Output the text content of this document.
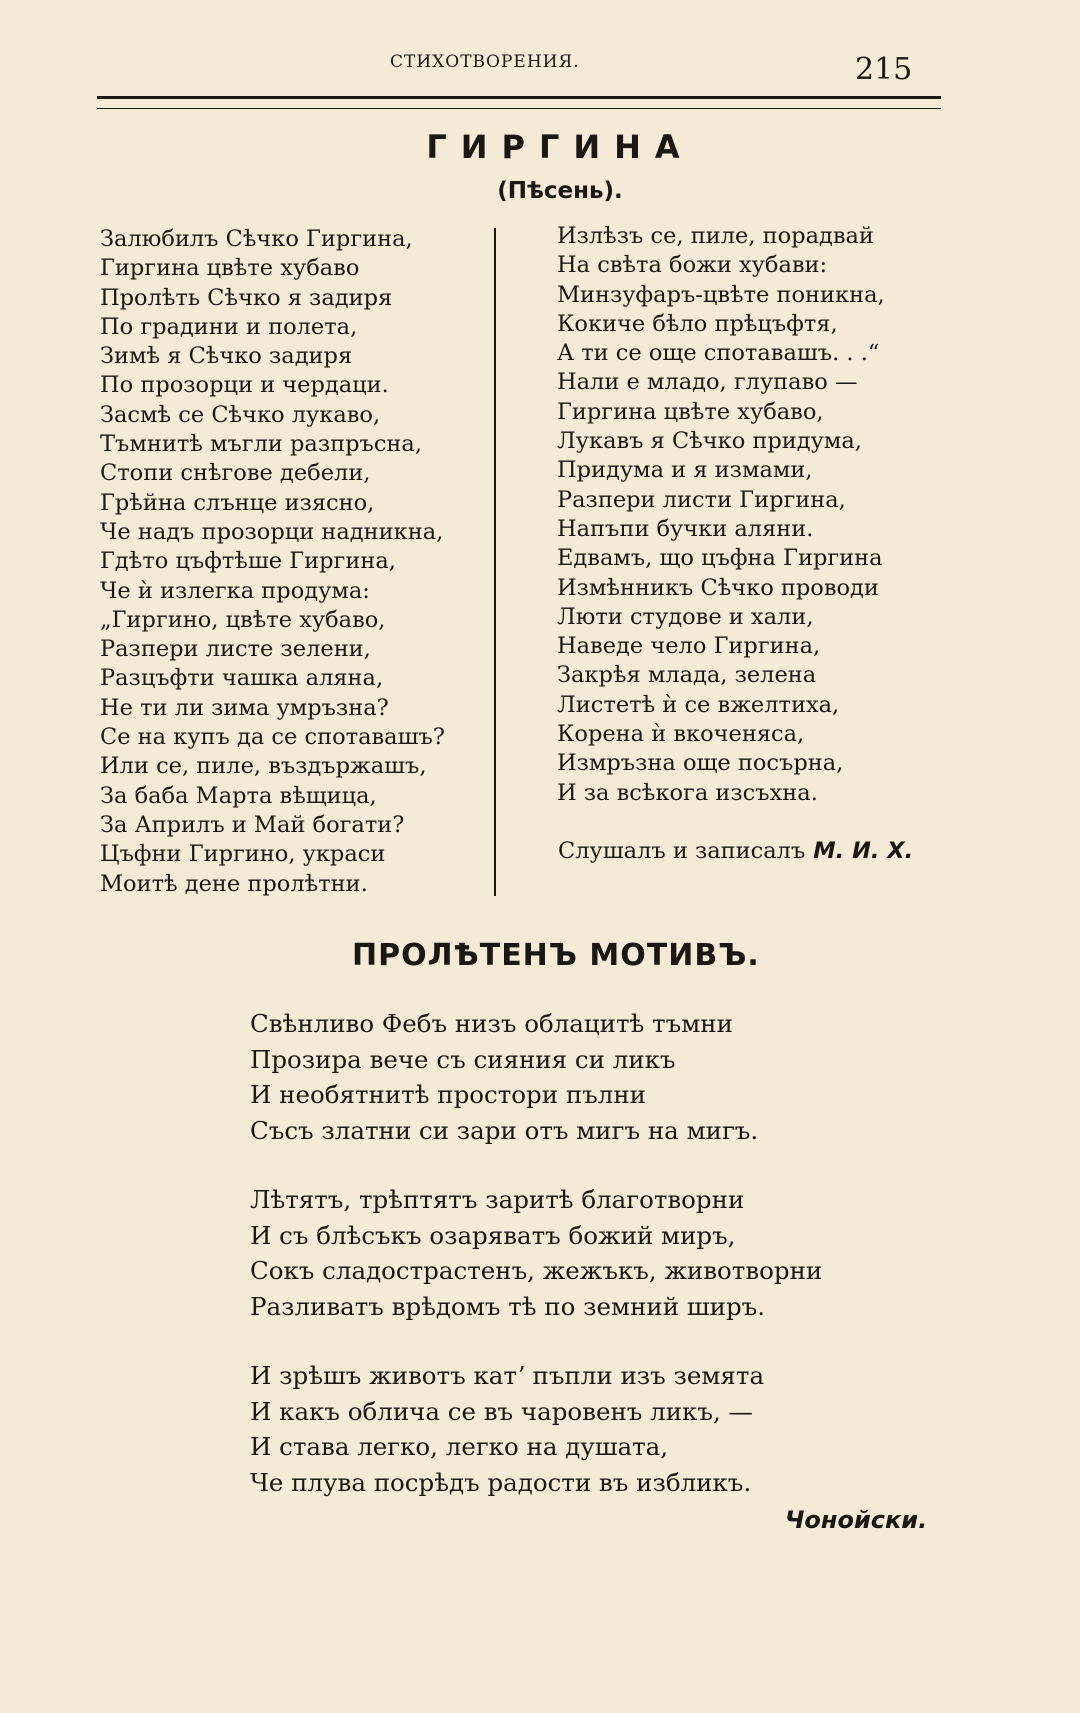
СТИХОТВОРЕНИЯ.	215
ГИРГИНА
(Пѣсень).
Залюбилъ Сѣчко Гиргина,
Гиргина цвѣте хубаво
Пролѣть Сѣчко я задиря
По градини и полета,
Зимѣ я Сѣчко задиря
По прозорци и чердаци.
Засмѣ се Сѣчко лукаво,
Тъмнитѣ мъгли разпръсна,
Стопи снѣгове дебели,
Грѣйна слънце изясно,
Че надъ прозорци надникна,
Гдѣто цъфтѣше Гиргина,
Че ѝ излегка продума:
„Гиргино, цвѣте хубаво,
Разпери листе зелени,
Разцъфти чашка аляна,
Не ти ли зима умръзна?
Се на купъ да се спотавашъ?
Или се, пиле, въздържашъ,
За баба Марта вѣщица,
За Априлъ и Май богати?
Цъфни Гиргино, украси
Моитѣ дене пролѣтни.
Излѣзъ се, пиле, порадвай
На свѣта божи хубави:
Минзуфаръ-цвѣте поникна,
Кокиче бѣло прѣцъфтя,
А ти се още спотавашъ. . .“
Нали е младо, глупаво —
Гиргина цвѣте хубаво,
Лукавъ я Сѣчко придума,
Придума и я измами,
Разпери листи Гиргина,
Напъпи бучки аляни.
Едвамъ, що цъфна Гиргина
Измѣнникъ Сѣчко проводи
Люти студове и хали,
Наведе чело Гиргина,
Закрѣя млада, зелена
Листетѣ ѝ се вжелтиха,
Корена ѝ вкоченяса,
Измръзна още посърна,
И за всѣкога изсъхна.
Слушалъ и записалъ М. И. Х.
ПРОЛѢТЕНЪ МОТИВЪ.
Свѣнливо Фебъ низъ облацитѣ тъмни
Прозира вече съ сияния си ликъ
И необятнитѣ простори пълни
Съсъ златни си зари отъ мигъ на мигъ.
Лѣтятъ, трѣптятъ заритѣ благотворни
И съ блѣсъкъ озаряватъ божий миръ,
Сокъ сладострастенъ, жежъкъ, животворни
Разливатъ врѣдомъ тѣ по земний ширъ.
И зрѣшъ животъ катʼ пъпли изъ земята
И какъ облича се въ чаровенъ ликъ, —
И става легко, легко на душата,
Че плува посрѣдъ радости въ избликъ.
Чонойски.
